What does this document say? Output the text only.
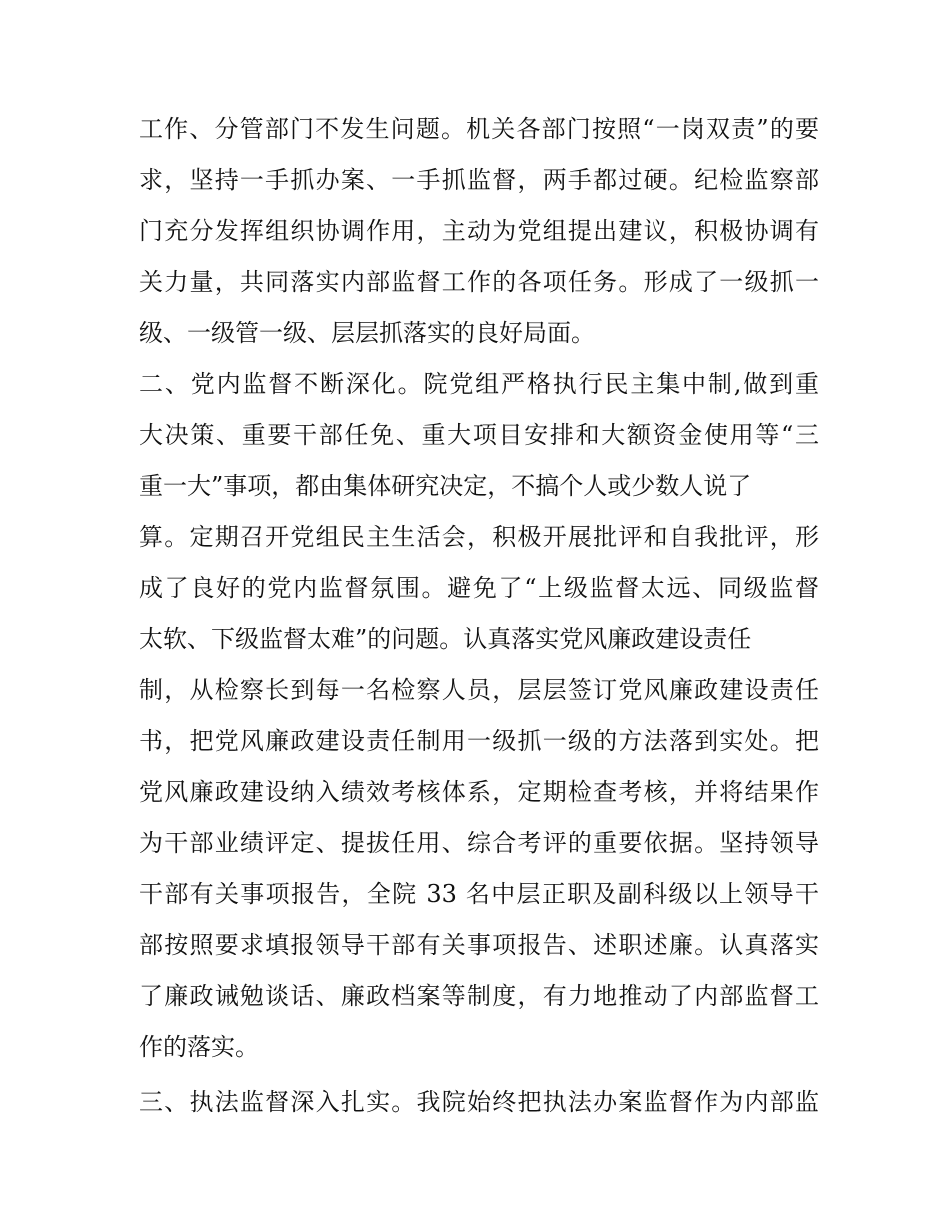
工作、分管部门不发生问题。机关各部门按照“一岗双责”的要
求，坚持一手抓办案、一手抓监督，两手都过硬。纪检监察部
门充分发挥组织协调作用，主动为党组提出建议，积极协调有
关力量，共同落实内部监督工作的各项任务。形成了一级抓一
级、一级管一级、层层抓落实的良好局面。
二、党内监督不断深化。院党组严格执行民主集中制,做到重
大决策、重要干部任免、重大项目安排和大额资金使用等“三
重一大”事项，都由集体研究决定，不搞个人或少数人说了
算。定期召开党组民主生活会，积极开展批评和自我批评，形
成了良好的党内监督氛围。避免了“上级监督太远、同级监督
太软、下级监督太难”的问题。认真落实党风廉政建设责任
制，从检察长到每一名检察人员，层层签订党风廉政建设责任
书，把党风廉政建设责任制用一级抓一级的方法落到实处。把
党风廉政建设纳入绩效考核体系，定期检查考核，并将结果作
为干部业绩评定、提拔任用、综合考评的重要依据。坚持领导
干部有关事项报告，全院 33 名中层正职及副科级以上领导干
部按照要求填报领导干部有关事项报告、述职述廉。认真落实
了廉政诫勉谈话、廉政档案等制度，有力地推动了内部监督工
作的落实。
三、执法监督深入扎实。我院始终把执法办案监督作为内部监
